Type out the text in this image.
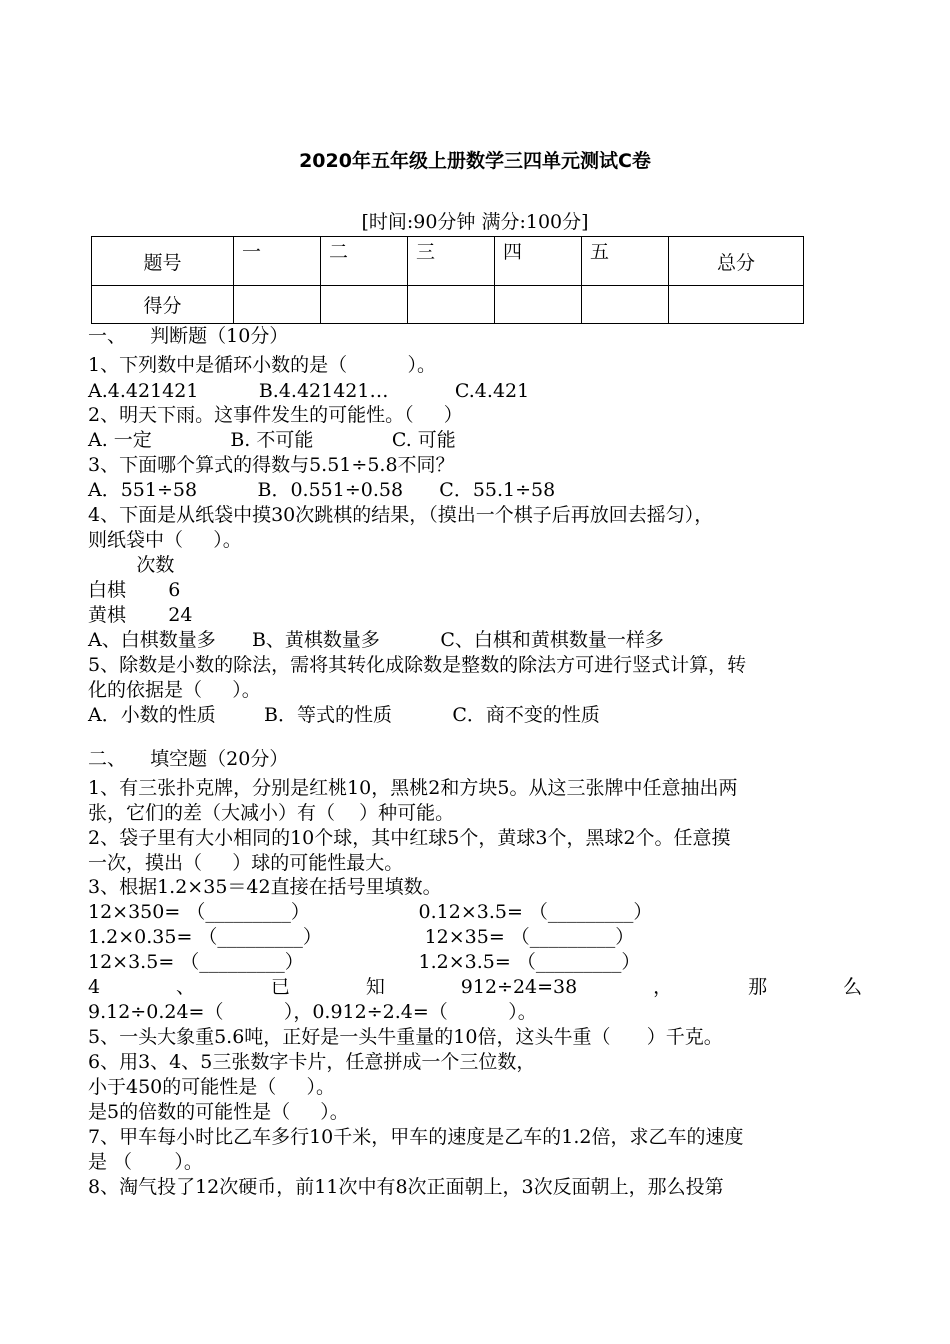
2020年五年级上册数学三四单元测试C卷
[时间:90分钟 满分:100分]
题号	一	二	三	四	五	总分
得分						
一、    判断题（10分）
1、下列数中是循环小数的是（          ）。
A.4.421421          B.4.421421…           C.4.421
2、明天下雨。这事件发生的可能性。（     ）
A. 一定             B. 不可能             C. 可能
3、下面哪个算式的得数与5.51÷5.8不同？
A．551÷58          B．0.551÷0.58      C．55.1÷58
4、下面是从纸袋中摸30次跳棋的结果，（摸出一个棋子后再放回去摇匀），
则纸袋中（     ）。
次数
白棋       6
黄棋       24
A、白棋数量多      B、黄棋数量多          C、白棋和黄棋数量一样多
5、除数是小数的除法，需将其转化成除数是整数的除法方可进行竖式计算，转
化的依据是（     ）。
A．小数的性质        B．等式的性质          C．商不变的性质
二、    填空题（20分）
1、有三张扑克牌，分别是红桃10，黑桃2和方块5。从这三张牌中任意抽出两
张，它们的差（大减小）有（    ）种可能。
2、袋子里有大小相同的10个球，其中红球5个，黄球3个，黑球2个。任意摸
一次，摸出（     ）球的可能性最大。
3、根据1.2×35＝42直接在括号里填数。
12×350= （_________）                  0.12×3.5= （_________）
1.2×0.35= （_________）                 12×35= （_________）
12×3.5= （_________）                   1.2×3.5= （_________）
4	、	已	知	912÷24=38	，	那	么
9.12÷0.24=（          ），0.912÷2.4=（          ）。
5、一头大象重5.6吨，正好是一头牛重量的10倍，这头牛重（      ）千克。
6、用3、4、5三张数字卡片，任意拼成一个三位数，
小于450的可能性是（     ）。
是5的倍数的可能性是（     ）。
7、甲车每小时比乙车多行10千米，甲车的速度是乙车的1.2倍，求乙车的速度
是 （       ）。
8、淘气投了12次硬币，前11次中有8次正面朝上，3次反面朝上，那么投第
